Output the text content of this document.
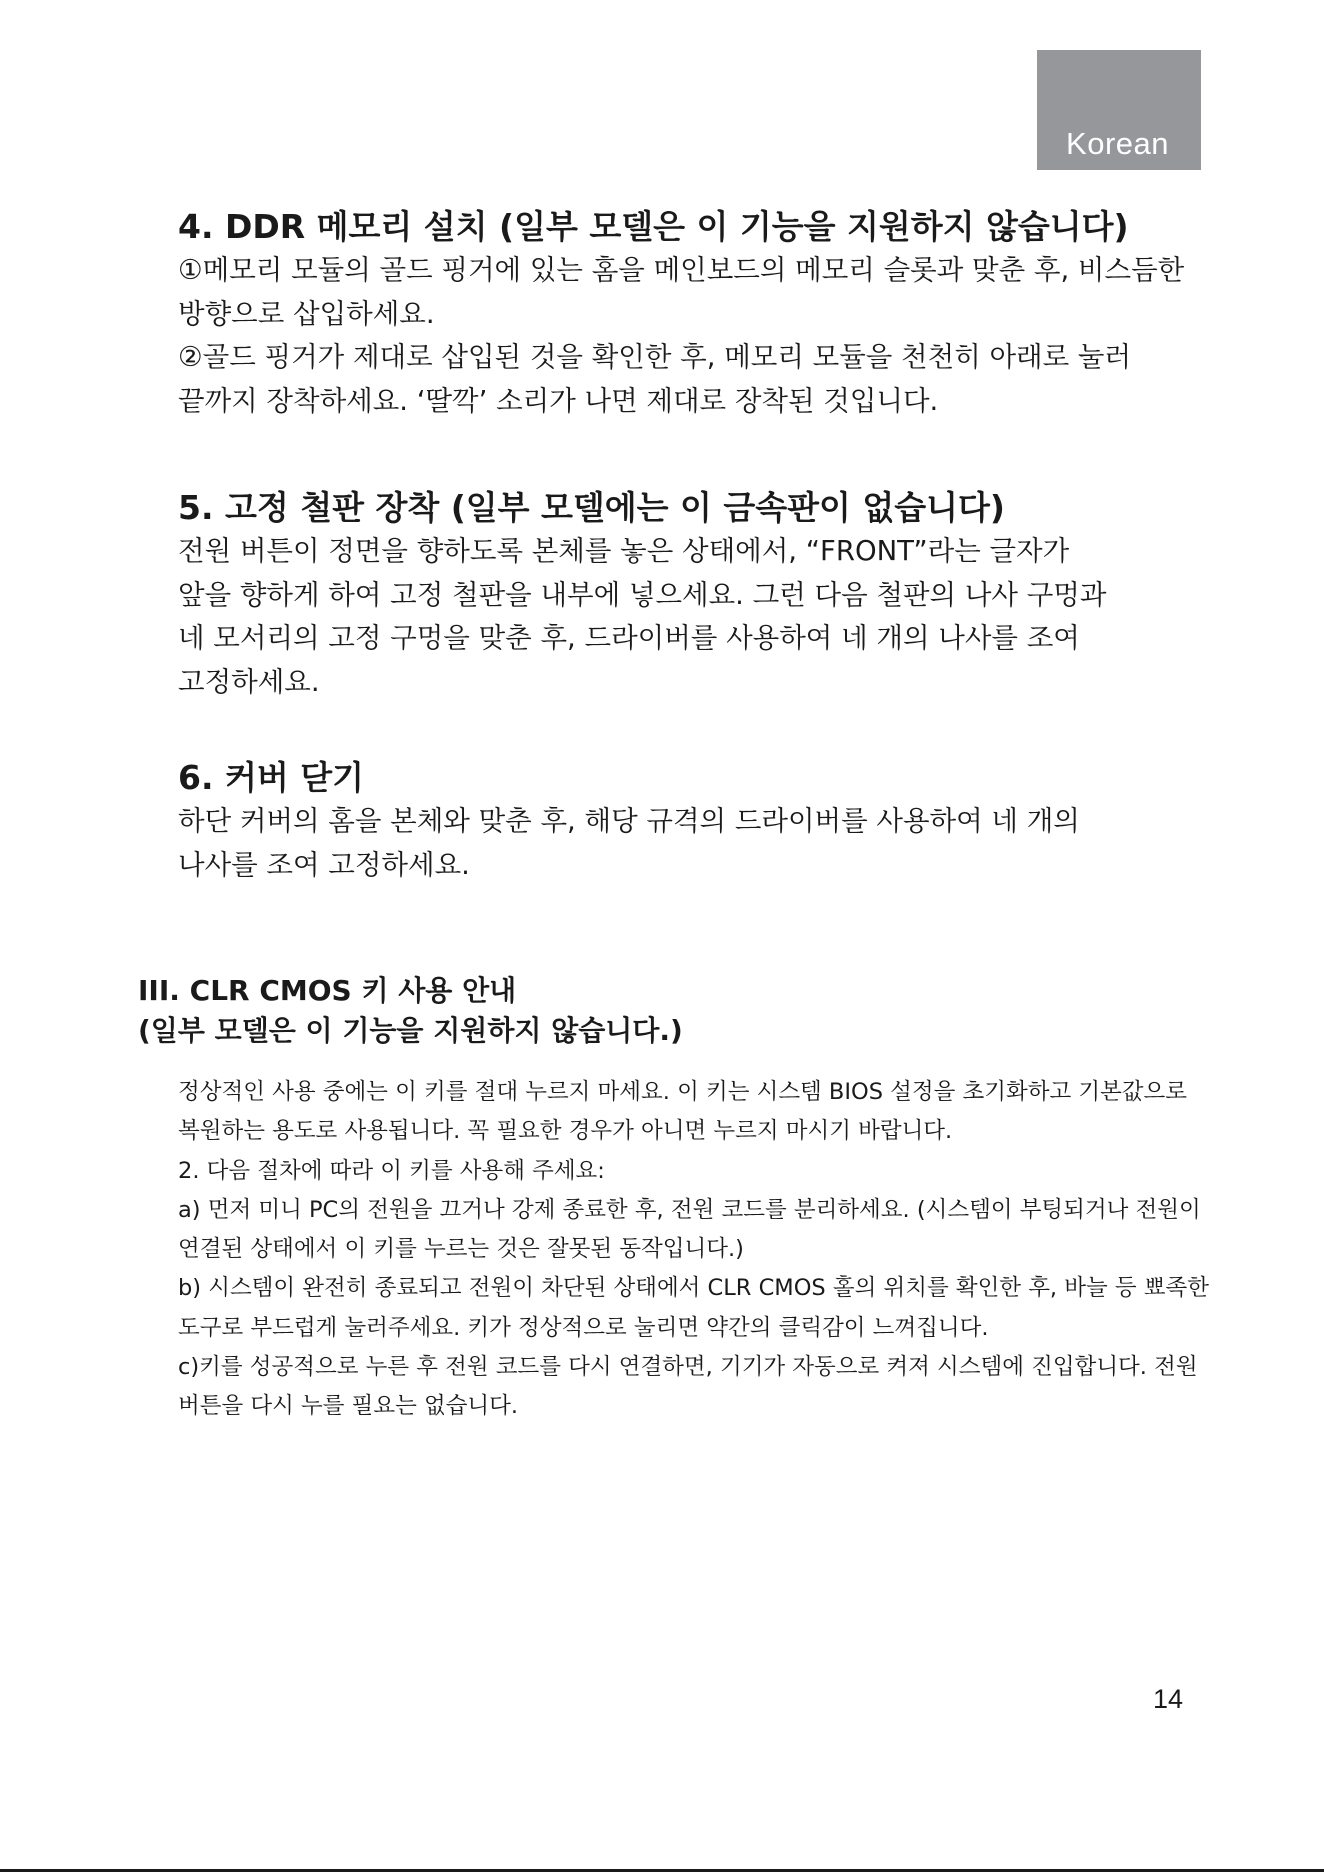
Korean

4. DDR 메모리 설치 (일부 모델은 이 기능을 지원하지 않습니다)

①메모리 모듈의 골드 핑거에 있는 홈을 메인보드의 메모리 슬롯과 맞춘 후, 비스듬한

방향으로 삽입하세요.

②골드 핑거가 제대로 삽입된 것을 확인한 후, 메모리 모듈을 천천히 아래로 눌러

끝까지 장착하세요. ‘딸깍’ 소리가 나면 제대로 장착된 것입니다.

5. 고정 철판 장착 (일부 모델에는 이 금속판이 없습니다)

전원 버튼이 정면을 향하도록 본체를 놓은 상태에서, “FRONT”라는 글자가

앞을 향하게 하여 고정 철판을 내부에 넣으세요. 그런 다음 철판의 나사 구멍과

네 모서리의 고정 구멍을 맞춘 후, 드라이버를 사용하여 네 개의 나사를 조여

고정하세요.

6. 커버 닫기

하단 커버의 홈을 본체와 맞춘 후, 해당 규격의 드라이버를 사용하여 네 개의

나사를 조여 고정하세요.

III. CLR CMOS 키 사용 안내

(일부 모델은 이 기능을 지원하지 않습니다.)

정상적인 사용 중에는 이 키를 절대 누르지 마세요. 이 키는 시스템 BIOS 설정을 초기화하고 기본값으로

복원하는 용도로 사용됩니다. 꼭 필요한 경우가 아니면 누르지 마시기 바랍니다.

2. 다음 절차에 따라 이 키를 사용해 주세요:

a) 먼저 미니 PC의 전원을 끄거나 강제 종료한 후, 전원 코드를 분리하세요. (시스템이 부팅되거나 전원이

연결된 상태에서 이 키를 누르는 것은 잘못된 동작입니다.)

b) 시스템이 완전히 종료되고 전원이 차단된 상태에서 CLR CMOS 홀의 위치를 확인한 후, 바늘 등 뾰족한

도구로 부드럽게 눌러주세요. 키가 정상적으로 눌리면 약간의 클릭감이 느껴집니다.

c)키를 성공적으로 누른 후 전원 코드를 다시 연결하면, 기기가 자동으로 켜져 시스템에 진입합니다. 전원

버튼을 다시 누를 필요는 없습니다.

14
